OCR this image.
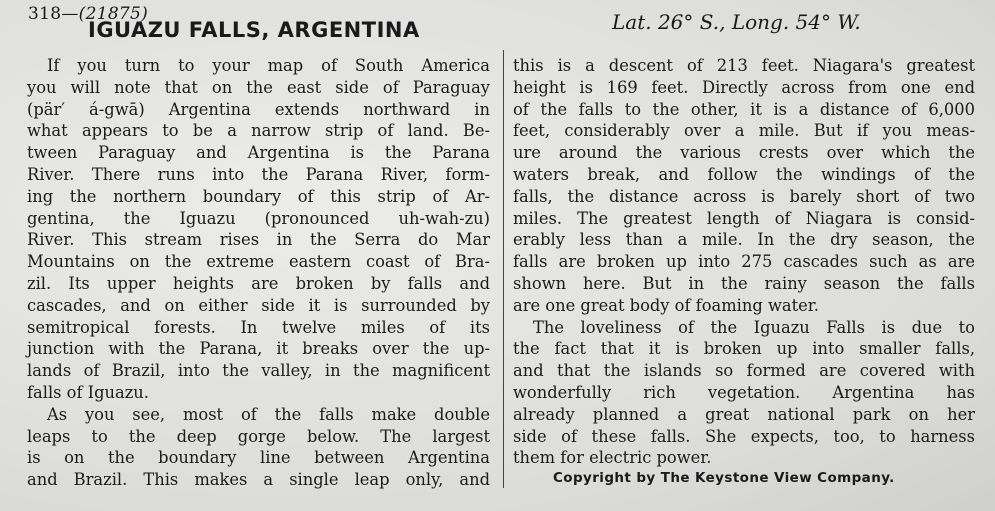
318—(21875)
IGUAZU FALLS, ARGENTINA	Lat. 26° S., Long. 54° W.
If you turn to your map of South America
you will note that on the east side of Paraguay
(pär′ á-gwā) Argentina extends northward in
what appears to be a narrow strip of land. Be-
tween Paraguay and Argentina is the Parana
River. There runs into the Parana River, form-
ing the northern boundary of this strip of Ar-
gentina, the Iguazu (pronounced uh-wah-zu)
River. This stream rises in the Serra do Mar
Mountains on the extreme eastern coast of Bra-
zil. Its upper heights are broken by falls and
cascades, and on either side it is surrounded by
semitropical forests. In twelve miles of its
junction with the Parana, it breaks over the up-
lands of Brazil, into the valley, in the magnificent
falls of Iguazu.
As you see, most of the falls make double
leaps to the deep gorge below. The largest
is on the boundary line between Argentina
and Brazil. This makes a single leap only, and
this is a descent of 213 feet. Niagara's greatest
height is 169 feet. Directly across from one end
of the falls to the other, it is a distance of 6,000
feet, considerably over a mile. But if you meas-
ure around the various crests over which the
waters break, and follow the windings of the
falls, the distance across is barely short of two
miles. The greatest length of Niagara is consid-
erably less than a mile. In the dry season, the
falls are broken up into 275 cascades such as are
shown here. But in the rainy season the falls
are one great body of foaming water.
The loveliness of the Iguazu Falls is due to
the fact that it is broken up into smaller falls,
and that the islands so formed are covered with
wonderfully rich vegetation. Argentina has
already planned a great national park on her
side of these falls. She expects, too, to harness
them for electric power.
Copyright by The Keystone View Company.
